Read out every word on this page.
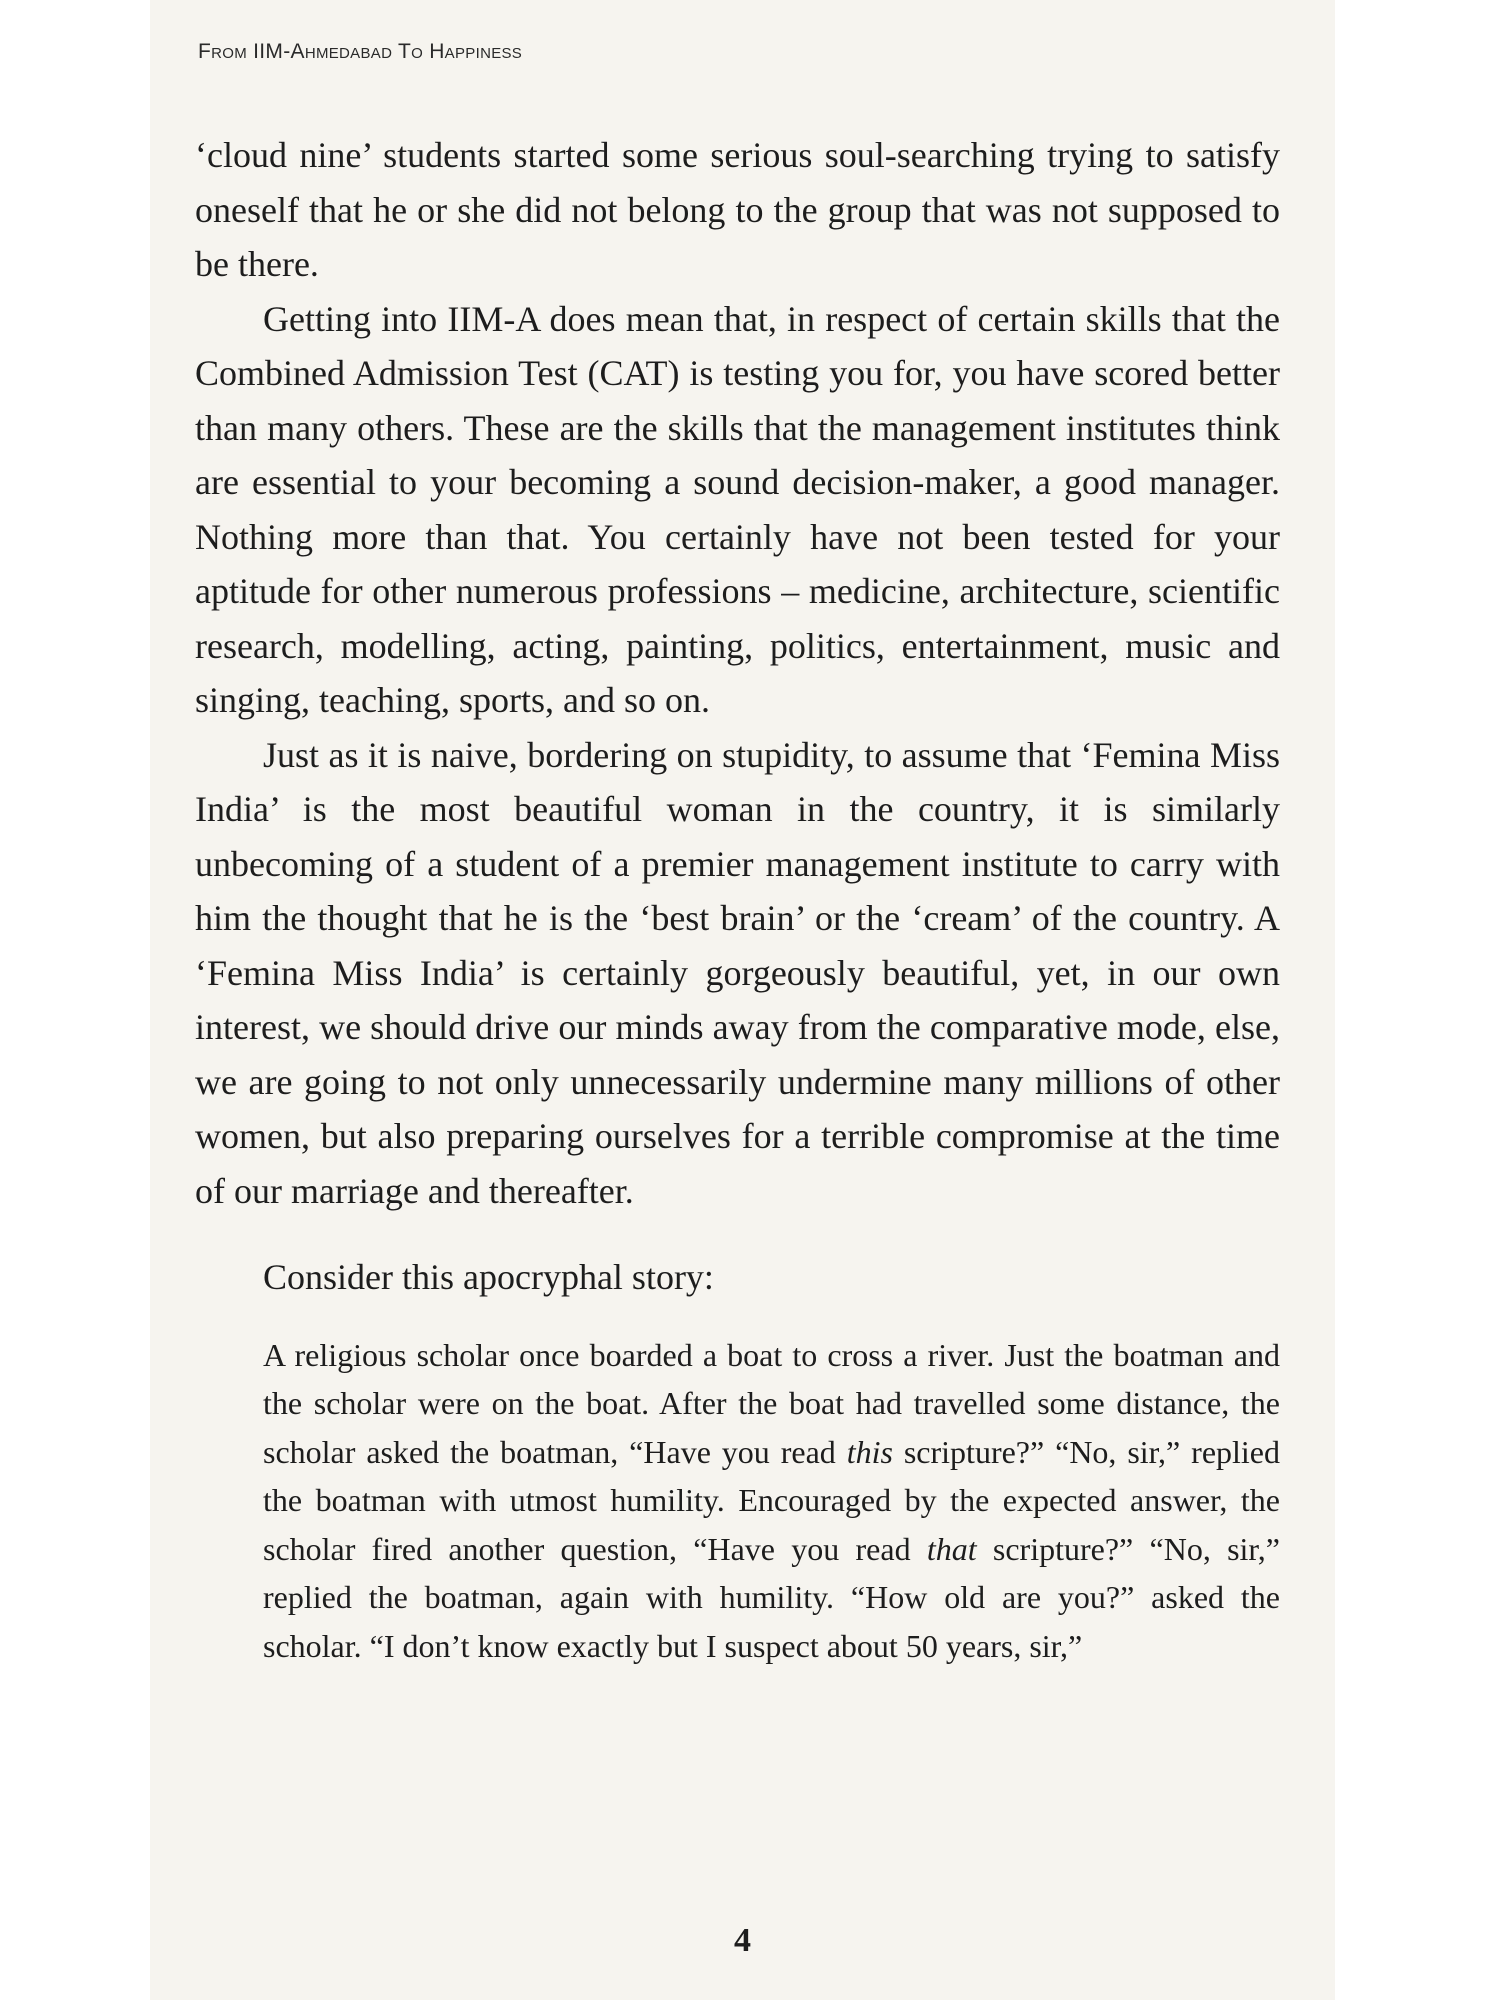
From IIM-Ahmedabad To Happiness

‘cloud nine’ students started some serious soul-searching trying to satisfy oneself that he or she did not belong to the group that was not supposed to be there.

Getting into IIM-A does mean that, in respect of certain skills that the Combined Admission Test (CAT) is testing you for, you have scored better than many others. These are the skills that the management institutes think are essential to your becoming a sound decision-maker, a good manager. Nothing more than that. You certainly have not been tested for your aptitude for other numerous professions – medicine, architecture, scientific research, modelling, acting, painting, politics, entertainment, music and singing, teaching, sports, and so on.

Just as it is naive, bordering on stupidity, to assume that ‘Femina Miss India’ is the most beautiful woman in the country, it is similarly unbecoming of a student of a premier management institute to carry with him the thought that he is the ‘best brain’ or the ‘cream’ of the country. A ‘Femina Miss India’ is certainly gorgeously beautiful, yet, in our own interest, we should drive our minds away from the comparative mode, else, we are going to not only unnecessarily undermine many millions of other women, but also preparing ourselves for a terrible compromise at the time of our marriage and thereafter.

Consider this apocryphal story:

A religious scholar once boarded a boat to cross a river. Just the boatman and the scholar were on the boat. After the boat had travelled some distance, the scholar asked the boatman, “Have you read this scripture?” “No, sir,” replied the boatman with utmost humility. Encouraged by the expected answer, the scholar fired another question, “Have you read that scripture?” “No, sir,” replied the boatman, again with humility. “How old are you?” asked the scholar. “I don’t know exactly but I suspect about 50 years, sir,”

4
